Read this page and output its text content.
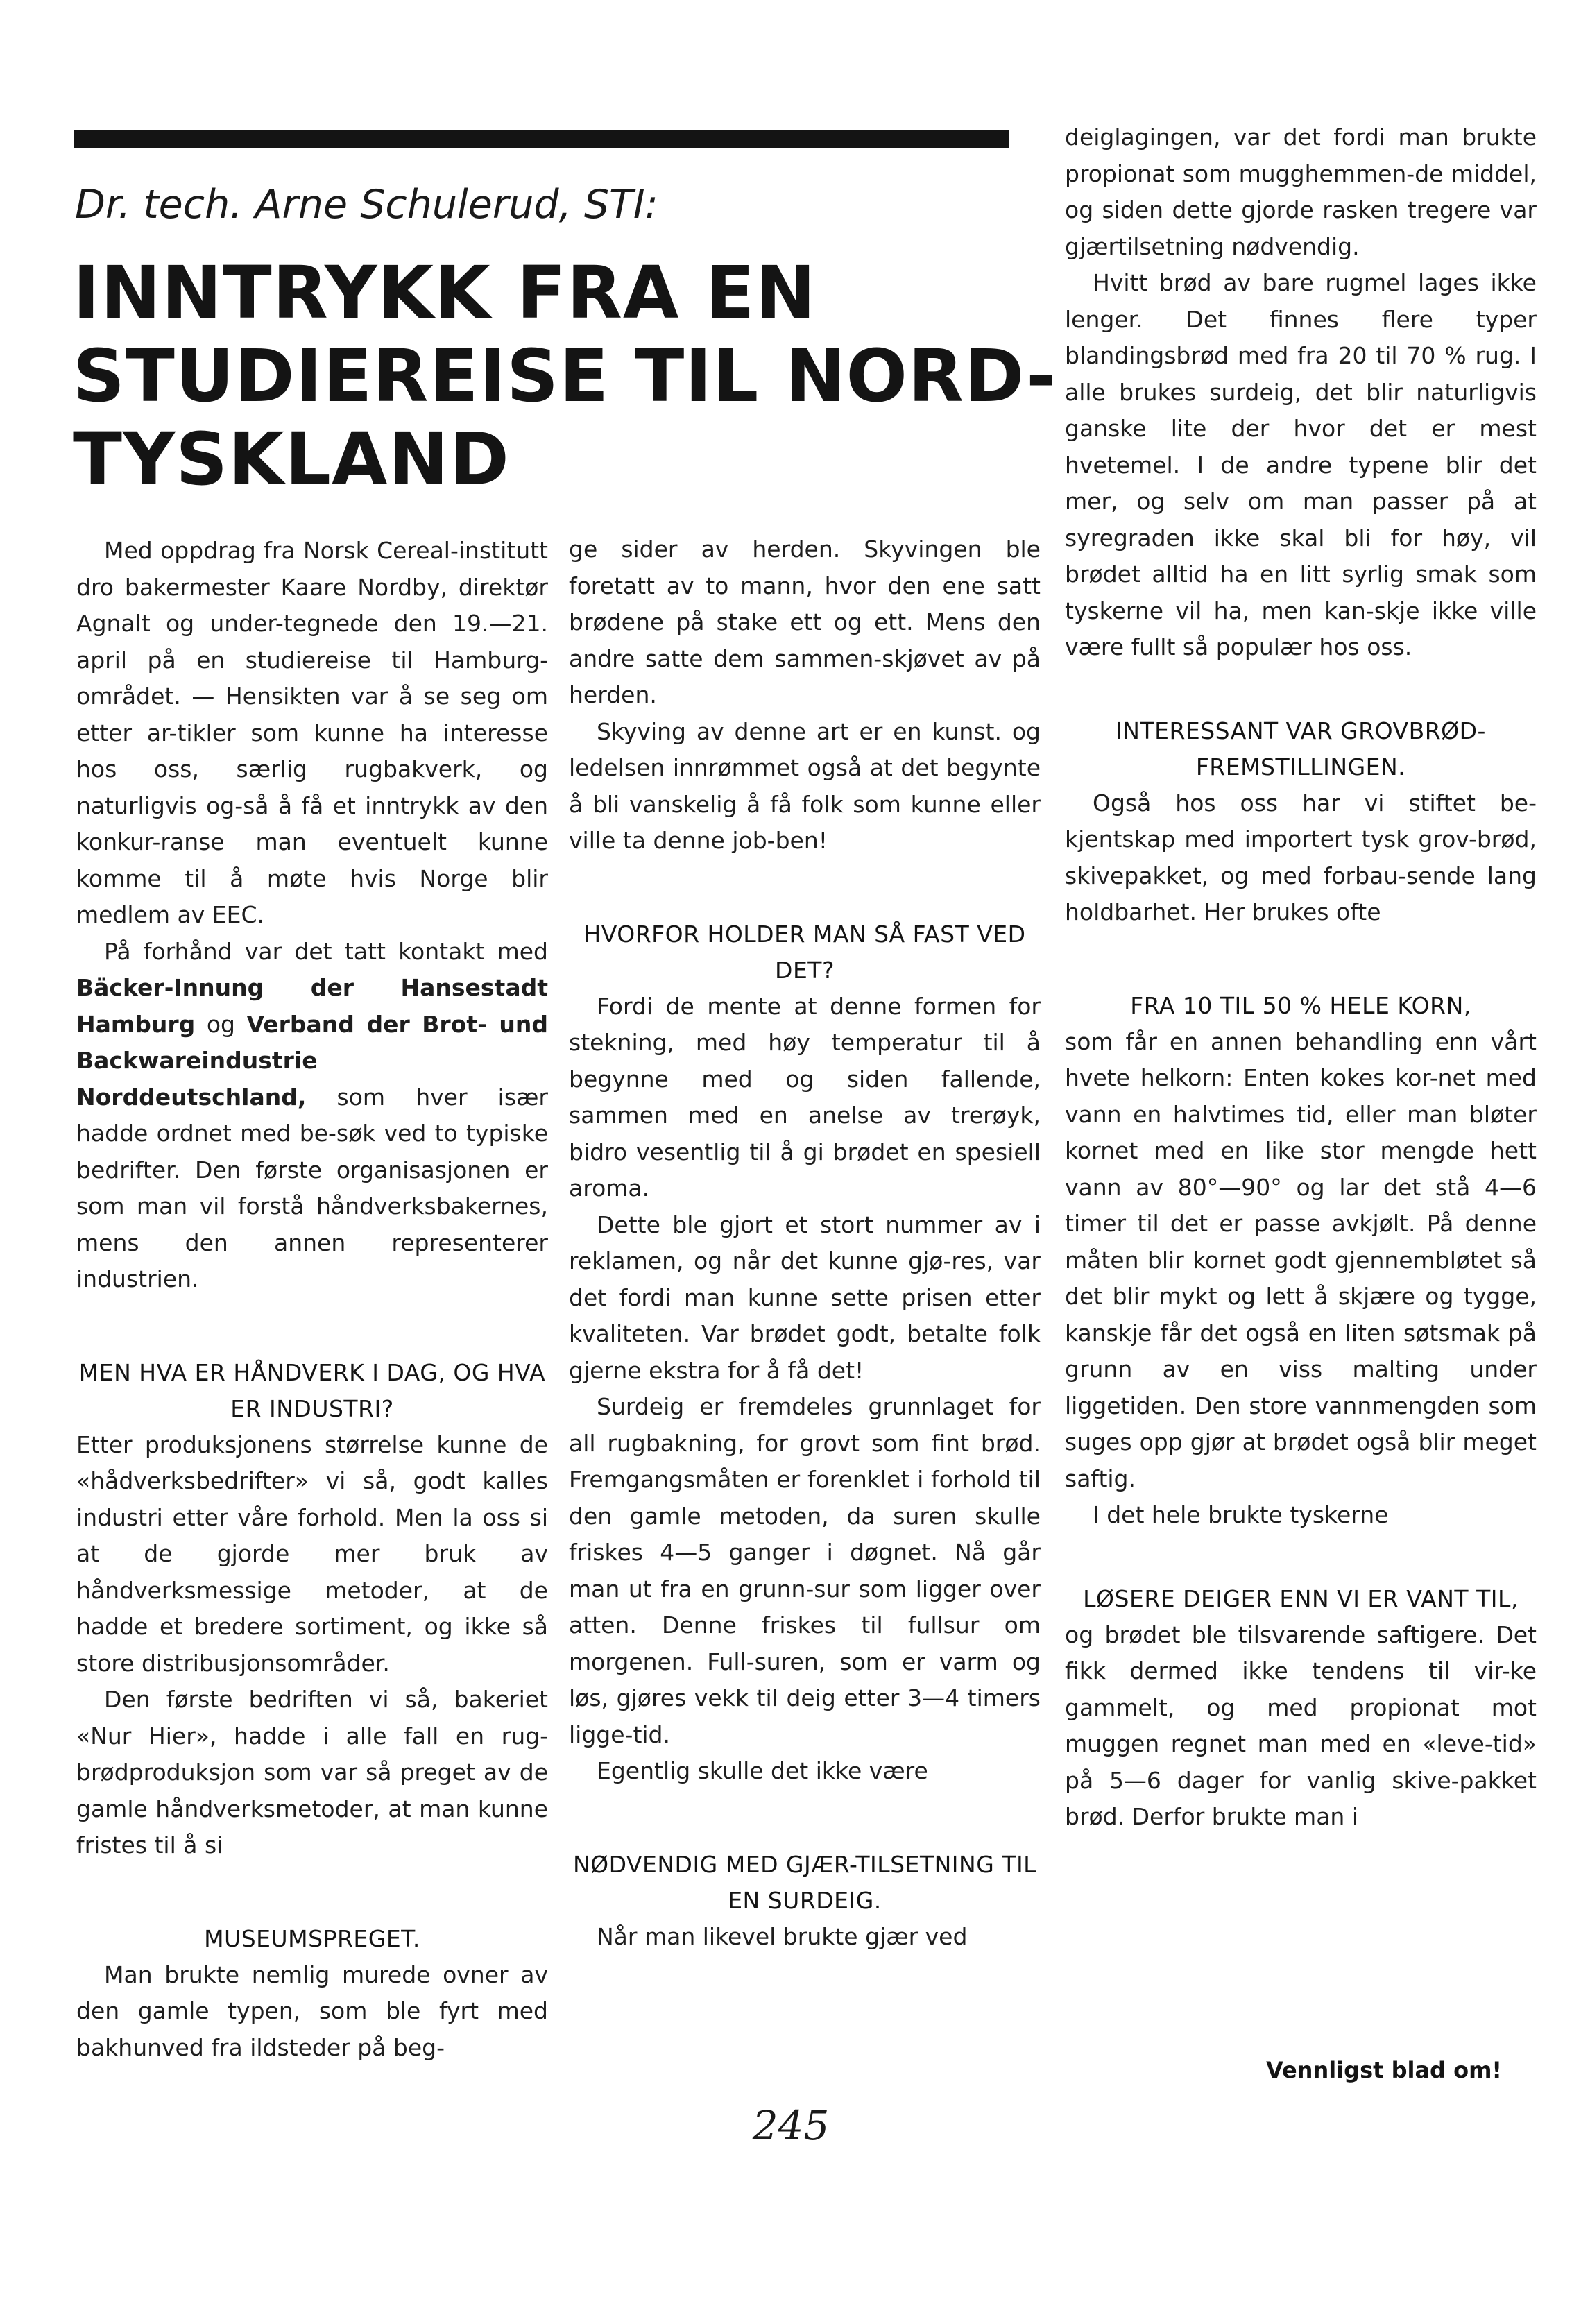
Dr. tech. Arne Schulerud, STI:
INNTRYKK FRA EN
STUDIEREISE TIL NORD-
TYSKLAND

Med oppdrag fra Norsk Cereal-institutt dro bakermester Kaare Nordby, direktør Agnalt og under-tegnede den 19.—21. april på en studiereise til Hamburg-området. — Hensikten var å se seg om etter ar-tikler som kunne ha interesse hos oss, særlig rugbakverk, og naturligvis og-så å få et inntrykk av den konkur-ranse man eventuelt kunne komme til å møte hvis Norge blir medlem av EEC.

På forhånd var det tatt kontakt med Bäcker-Innung der Hansestadt Hamburg og Verband der Brot- und Backwareindustrie Norddeutschland, som hver især hadde ordnet med be-søk ved to typiske bedrifter. Den første organisasjonen er som man vil forstå håndverksbakernes, mens den annen representerer industrien.

MEN HVA ER HÅNDVERK I DAG, OG HVA ER INDUSTRI?

Etter produksjonens størrelse kunne de «hådverksbedrifter» vi så, godt kalles industri etter våre forhold. Men la oss si at de gjorde mer bruk av håndverksmessige metoder, at de hadde et bredere sortiment, og ikke så store distribusjonsområder.

Den første bedriften vi så, bakeriet «Nur Hier», hadde i alle fall en rug-brødproduksjon som var så preget av de gamle håndverksmetoder, at man kunne fristes til å si

MUSEUMSPREGET.

Man brukte nemlig murede ovner av den gamle typen, som ble fyrt med bakhunved fra ildsteder på beg-

ge sider av herden. Skyvingen ble foretatt av to mann, hvor den ene satt brødene på stake ett og ett. Mens den andre satte dem sammen-skjøvet av på herden.

Skyving av denne art er en kunst. og ledelsen innrømmet også at det begynte å bli vanskelig å få folk som kunne eller ville ta denne job-ben!

HVORFOR HOLDER MAN SÅ FAST VED DET?

Fordi de mente at denne formen for stekning, med høy temperatur til å begynne med og siden fallende, sammen med en anelse av trerøyk, bidro vesentlig til å gi brødet en spesiell aroma.

Dette ble gjort et stort nummer av i reklamen, og når det kunne gjø-res, var det fordi man kunne sette prisen etter kvaliteten. Var brødet godt, betalte folk gjerne ekstra for å få det!

Surdeig er fremdeles grunnlaget for all rugbakning, for grovt som fint brød. Fremgangsmåten er forenklet i forhold til den gamle metoden, da suren skulle friskes 4—5 ganger i døgnet. Nå går man ut fra en grunn-sur som ligger over atten. Denne friskes til fullsur om morgenen. Full-suren, som er varm og løs, gjøres vekk til deig etter 3—4 timers ligge-tid.

Egentlig skulle det ikke være

NØDVENDIG MED GJÆR-TILSETNING TIL EN SURDEIG.

Når man likevel brukte gjær ved

deiglagingen, var det fordi man brukte propionat som mugghemmen-de middel, og siden dette gjorde rasken tregere var gjærtilsetning nødvendig.

Hvitt brød av bare rugmel lages ikke lenger. Det finnes flere typer blandingsbrød med fra 20 til 70 % rug. I alle brukes surdeig, det blir naturligvis ganske lite der hvor det er mest hvetemel. I de andre typene blir det mer, og selv om man passer på at syregraden ikke skal bli for høy, vil brødet alltid ha en litt syrlig smak som tyskerne vil ha, men kan-skje ikke ville være fullt så populær hos oss.

INTERESSANT VAR GROVBRØD-FREMSTILLINGEN.

Også hos oss har vi stiftet be-kjentskap med importert tysk grov-brød, skivepakket, og med forbau-sende lang holdbarhet. Her brukes ofte

FRA 10 TIL 50 % HELE KORN,

som får en annen behandling enn vårt hvete helkorn: Enten kokes kor-net med vann en halvtimes tid, eller man bløter kornet med en like stor mengde hett vann av 80°—90° og lar det stå 4—6 timer til det er passe avkjølt. På denne måten blir kornet godt gjennembløtet så det blir mykt og lett å skjære og tygge, kanskje får det også en liten søtsmak på grunn av en viss malting under liggetiden. Den store vannmengden som suges opp gjør at brødet også blir meget saftig.

I det hele brukte tyskerne

LØSERE DEIGER ENN VI ER VANT TIL,

og brødet ble tilsvarende saftigere. Det fikk dermed ikke tendens til vir-ke gammelt, og med propionat mot muggen regnet man med en «leve-tid» på 5—6 dager for vanlig skive-pakket brød. Derfor brukte man i

Vennligst blad om!
245
